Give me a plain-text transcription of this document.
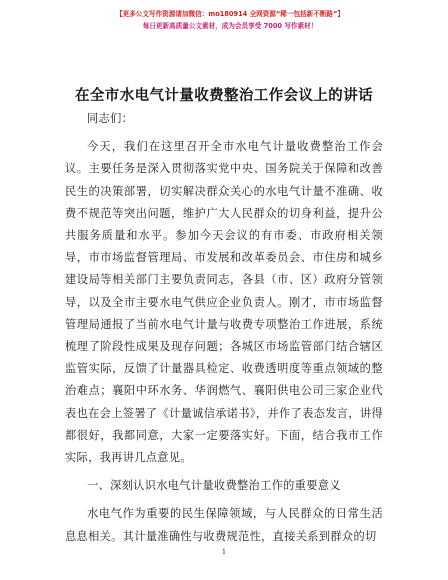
【更多公文写作资源请加微信：mo180914 全网资源“稀一包括新不断路”】
每日更新高质量公文素材，成为会员享受 7000 写作素材！
在全市水电气计量收费整治工作会议上的讲话

同志们：

今天，我们在这里召开全市水电气计量收费整治工作会议。主要任务是深入贯彻落实党中央、国务院关于保障和改善民生的决策部署，切实解决群众关心的水电气计量不准确、收费不规范等突出问题，维护广大人民群众的切身利益，提升公共服务质量和水平。参加今天会议的有市委、市政府相关领导，市市场监督管理局、市发展和改革委员会、市住房和城乡建设局等相关部门主要负责同志，各县（市、区）政府分管领导，以及全市主要水电气供应企业负责人。刚才，市市场监督管理局通报了当前水电气计量与收费专项整治工作进展，系统梳理了阶段性成果及现存问题；各城区市场监管部门结合辖区监管实际，反馈了计量器具检定、收费透明度等重点领域的整治难点；襄阳中环水务、华润燃气、襄阳供电公司三家企业代表也在会上签署了《计量诚信承诺书》，并作了表态发言，讲得都很好，我都同意，大家一定要落实好。下面，结合我市工作实际，我再讲几点意见。

一、深刻认识水电气计量收费整治工作的重要意义

水电气作为重要的民生保障领域，与人民群众的日常生活息息相关。其计量准确性与收费规范性，直接关系到群众的切

1
